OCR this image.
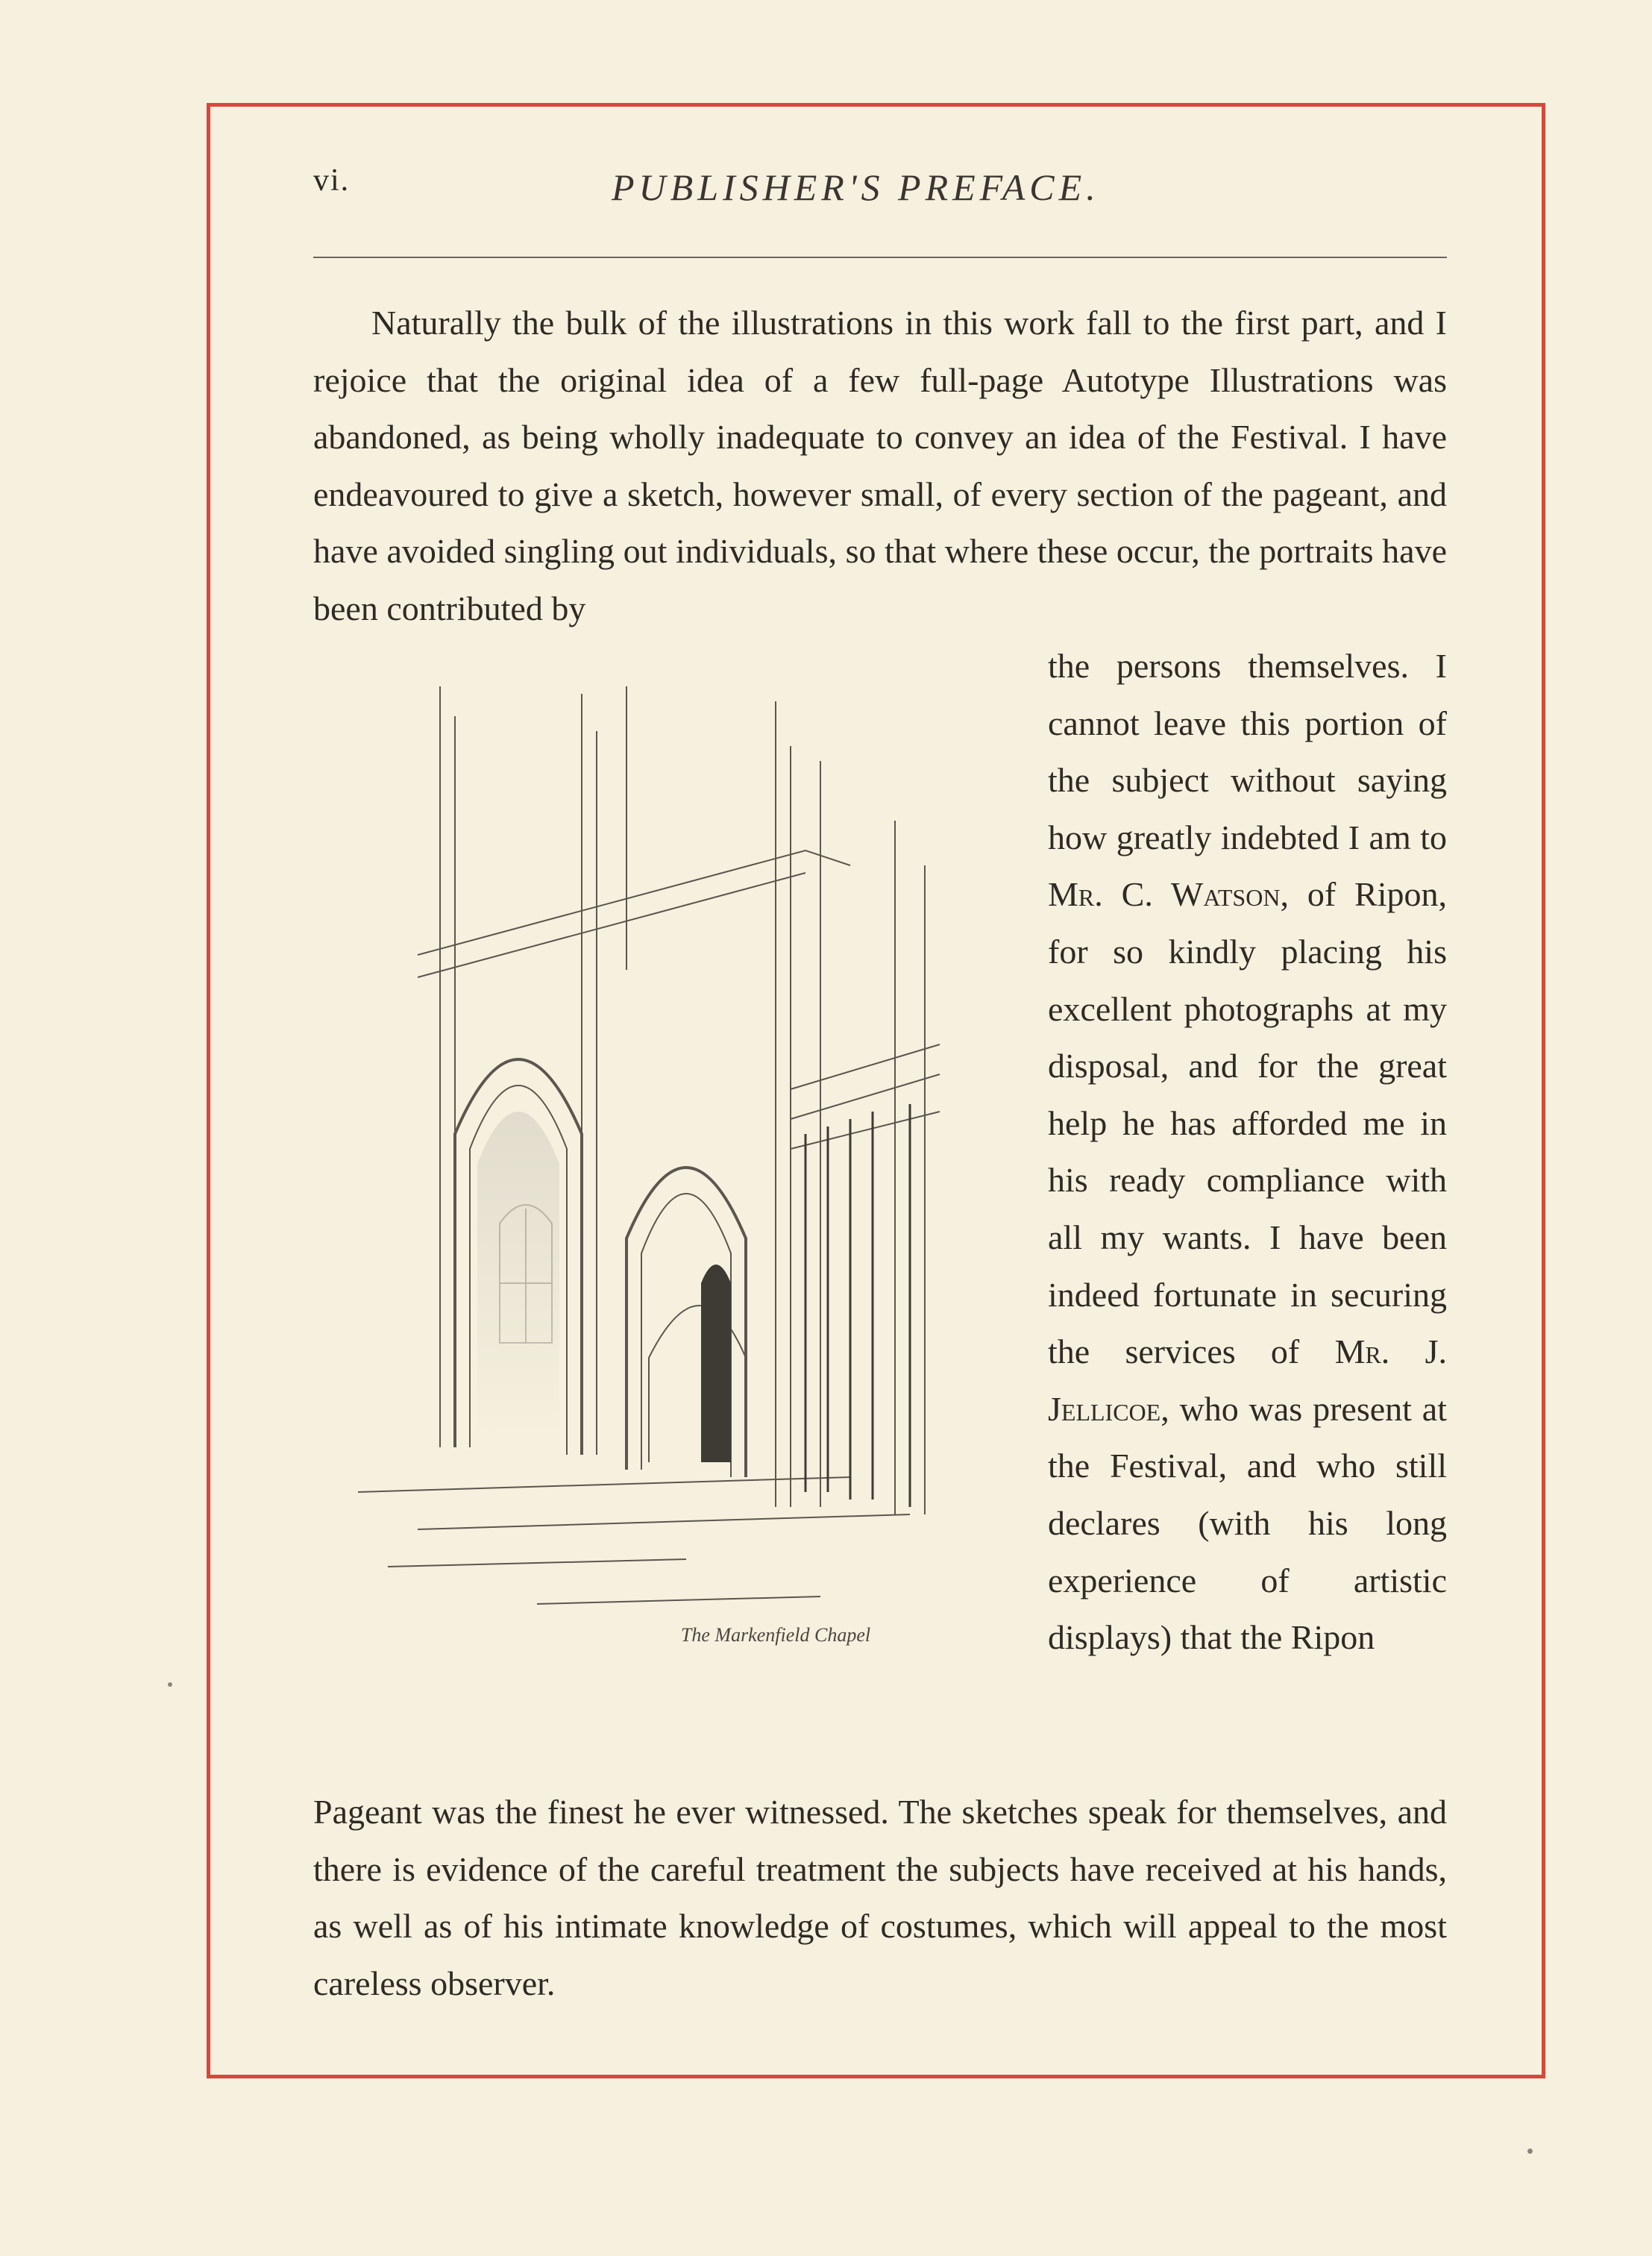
vi.	PUBLISHER'S PREFACE.

Naturally the bulk of the illustrations in this work fall to the first part, and I rejoice that the original idea of a few full-page Autotype Illustrations was abandoned, as being wholly inadequate to convey an idea of the Festival. I have endeavoured to give a sketch, however small, of every section of the pageant, and have avoided singling out individuals, so that where these occur, the portraits have been contributed by

The Markenfield Chapel

the persons themselves. I cannot leave this portion of the subject without saying how greatly indebted I am to Mr. C. Watson, of Ripon, for so kindly placing his excellent photographs at my disposal, and for the great help he has afforded me in his ready compliance with all my wants. I have been indeed fortunate in securing the services of Mr. J. Jellicoe, who was present at the Festival, and who still declares (with his long experience of artistic displays) that the Ripon

Pageant was the finest he ever witnessed. The sketches speak for themselves, and there is evidence of the careful treatment the subjects have received at his hands, as well as of his intimate knowledge of costumes, which will appeal to the most careless observer.
